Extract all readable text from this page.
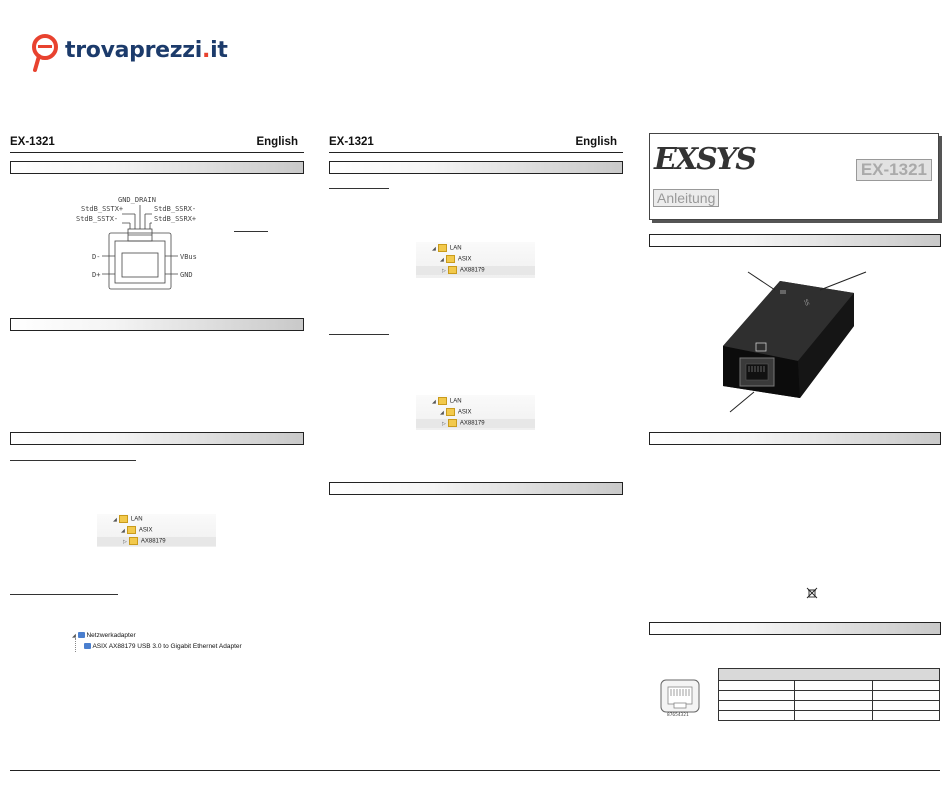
trovaprezzi.it
EX-1321	English	EX-1321	English
GND_DRAIN
StdB_SSTX+	StdB_SSRX-
StdB_SSTX-	StdB_SSRX+
D-	VBus
D+	GND
◢ LAN
◢ ASIX
▷ AX88179
◢ Netzwerkadapter
ASIX AX88179 USB 3.0 to Gigabit Ethernet Adapter
◢ LAN
◢ ASIX
▷ AX88179
◢ LAN
◢ ASIX
▷ AX88179
EXSYS	EX-1321
Anleitung
SS
87654321
